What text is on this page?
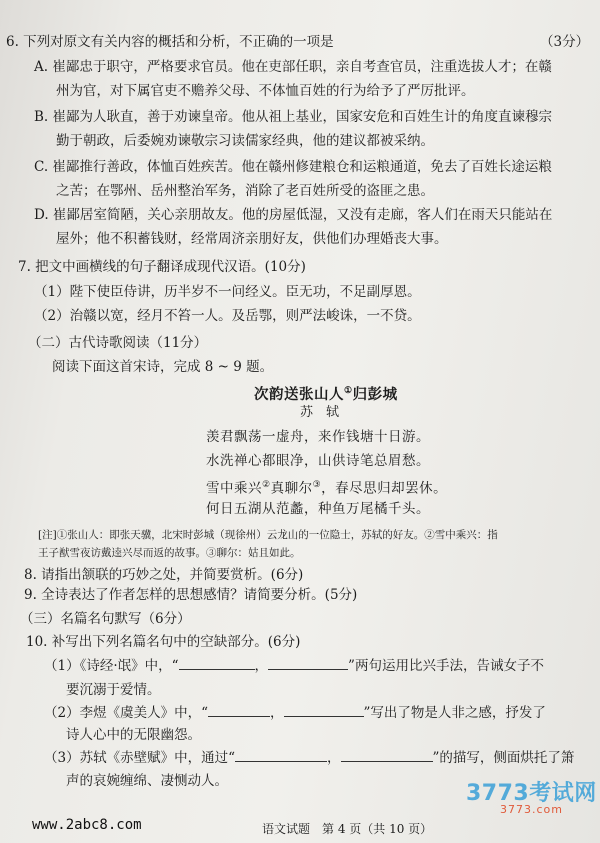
6. 下列对原文有关内容的概括和分析，不正确的一项是	（3分）
A. 崔鄙忠于职守，严格要求官员。他在吏部任职，亲自考查官员，注重选拔人才；在赣
州为官，对下属官吏不赡养父母、不体恤百姓的行为给予了严厉批评。
B. 崔鄙为人耿直，善于劝谏皇帝。他从祖上基业，国家安危和百姓生计的角度直谏穆宗
勤于朝政，后委婉劝谏敬宗习读儒家经典，他的建议都被采纳。
C. 崔鄙推行善政，体恤百姓疾苦。他在赣州修建粮仓和运粮通道，免去了百姓长途运粮
之苦；在鄂州、岳州整治军务，消除了老百姓所受的盗匪之患。
D. 崔鄙居室简陋，关心亲朋故友。他的房屋低湿，又没有走廊，客人们在雨天只能站在
屋外；他不积蓄钱财，经常周济亲朋好友，供他们办理婚丧大事。
7. 把文中画横线的句子翻译成现代汉语。(10分)
（1）陛下使臣侍讲，历半岁不一问经义。臣无功，不足副厚恩。
（2）治赣以宽，经月不笞一人。及岳鄂，则严法峻诛，一不贷。
（二）古代诗歌阅读（11分）
阅读下面这首宋诗，完成 8 ~ 9 题。
次韵送张山人①归彭城
苏　轼
羡君飘荡一虚舟，来作钱塘十日游。
水洗禅心都眼净，山供诗笔总眉愁。
雪中乘兴②真聊尔③，春尽思归却罢休。
何日五湖从范蠡，种鱼万尾橘千头。
[注]①张山人：即张天骥，北宋时彭城（现徐州）云龙山的一位隐士，苏轼的好友。②雪中乘兴：指
王子猷雪夜访戴逵兴尽而返的故事。③聊尔：姑且如此。
8. 请指出颔联的巧妙之处，并简要赏析。(6分)
9. 全诗表达了作者怎样的思想感情？请简要分析。(5分)
（三）名篇名句默写（6分）
10. 补写出下列名篇名句中的空缺部分。(6分)
（1）《诗经·氓》中，“	，	”两句运用比兴手法，告诫女子不
要沉溺于爱情。
（2）李煜《虞美人》中，“	，	”写出了物是人非之感，抒发了
诗人心中的无限幽怨。
（3）苏轼《赤壁赋》中，通过“	，	”的描写，侧面烘托了箫
声的哀婉缠绵、凄恻动人。	3773考试网
3773.com
www.2abc8.com	语文试题　第 4 页（共 10 页）
